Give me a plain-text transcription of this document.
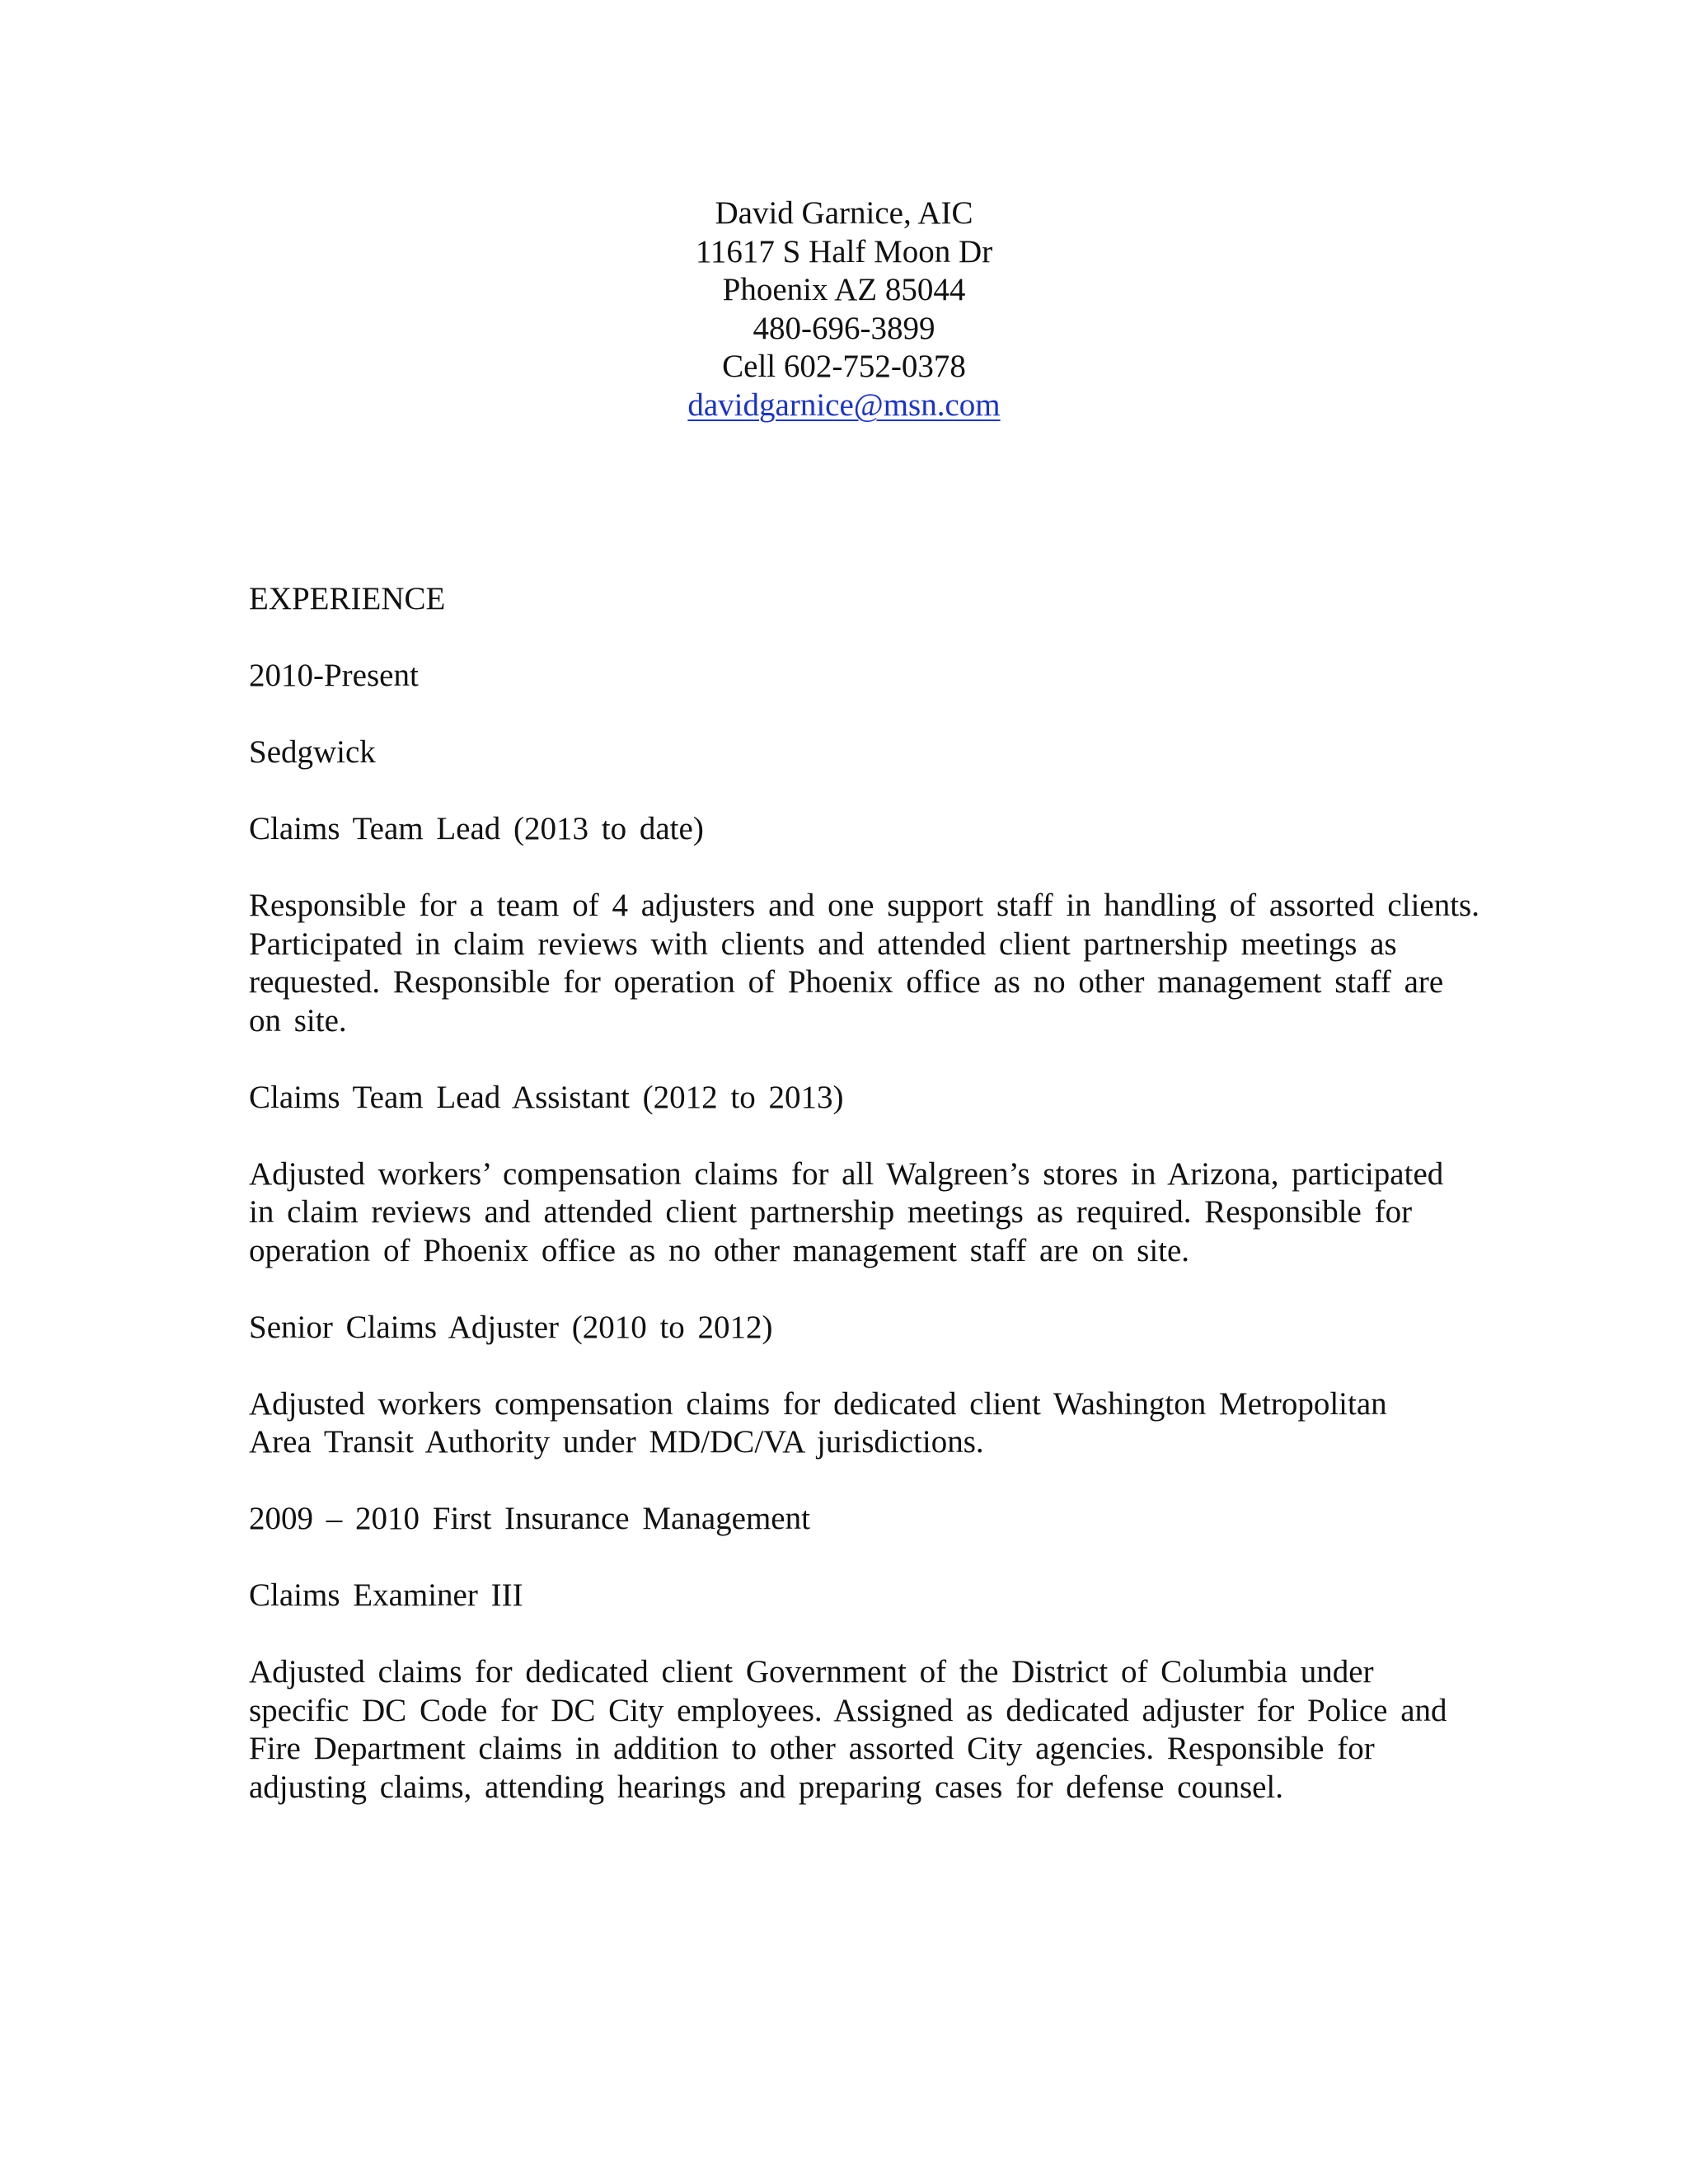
David Garnice, AIC
11617 S Half Moon Dr
Phoenix AZ 85044
480-696-3899
Cell 602-752-0378
davidgarnice@msn.com
EXPERIENCE
2010-Present
Sedgwick
Claims Team Lead (2013 to date)
Responsible for a team of 4 adjusters and one support staff in handling of assorted clients.
Participated in claim reviews with clients and attended client partnership meetings as
requested. Responsible for operation of Phoenix office as no other management staff are
on site.
Claims Team Lead Assistant (2012 to 2013)
Adjusted workers’ compensation claims for all Walgreen’s stores in Arizona, participated
in claim reviews and attended client partnership meetings as required. Responsible for
operation of Phoenix office as no other management staff are on site.
Senior Claims Adjuster (2010 to 2012)
Adjusted workers compensation claims for dedicated client Washington Metropolitan
Area Transit Authority under MD/DC/VA jurisdictions.
2009 – 2010 First Insurance Management
Claims Examiner III
Adjusted claims for dedicated client Government of the District of Columbia under
specific DC Code for DC City employees. Assigned as dedicated adjuster for Police and
Fire Department claims in addition to other assorted City agencies. Responsible for
adjusting claims, attending hearings and preparing cases for defense counsel.
